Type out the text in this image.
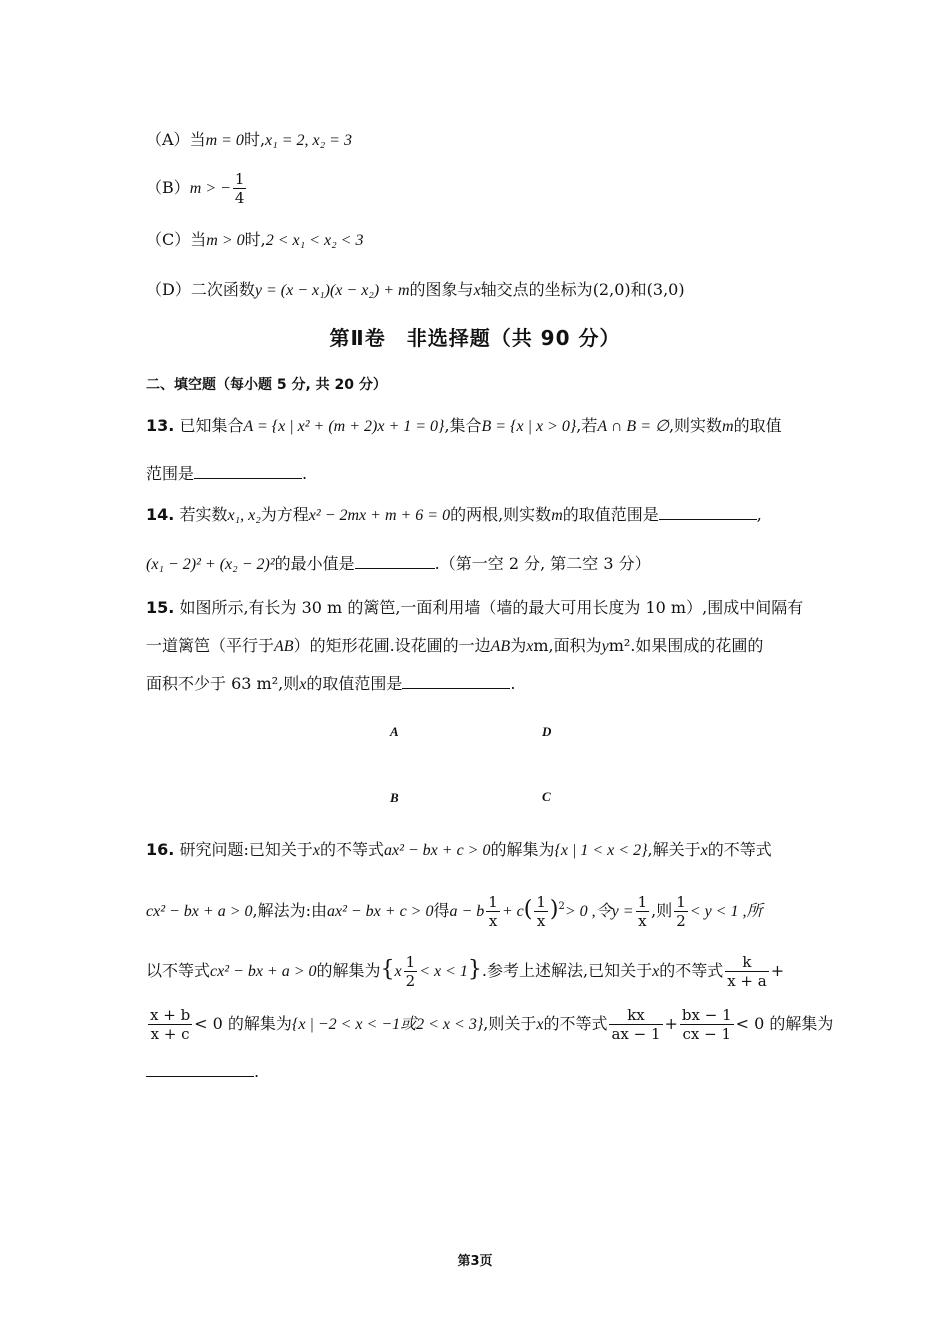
（A）当m = 0时,x₁ = 2, x₂ = 3
（B）m > − $\frac{1}{4}$
（C）当m > 0时,2 < x₁ < x₂ < 3
（D）二次函数y = (x − x₁)(x − x₂) + m的图象与x轴交点的坐标为(2,0)和(3,0)
第Ⅱ卷　非选择题（共 90 分）
二、填空题（每小题 5 分, 共 20 分）
13. 已知集合A = {x | x² + (m + 2)x + 1 = 0},集合B = {x | x > 0},若A ∩ B = ∅,则实数m的取值
范围是	.
14. 若实数x₁, x₂为方程x² − 2mx + m + 6 = 0的两根,则实数m的取值范围是	,
(x₁ − 2)² + (x₂ − 2)²的最小值是	.（第一空 2 分, 第二空 3 分）
15. 如图所示,有长为 30 m 的篱笆,一面利用墙（墙的最大可用长度为 10 m）,围成中间隔有
一道篱笆（平行于AB）的矩形花圃.设花圃的一边AB为xm,面积为ym².如果围成的花圃的
面积不少于 63 m²,则x的取值范围是	.
A	D
B	C
16. 研究问题:已知关于x的不等式ax² − bx + c > 0的解集为{x | 1 < x < 2},解关于x的不等式
cx² − bx + a > 0,解法为:由ax² − bx + c > 0得a − b $\frac{1}{x} + c( \frac{1}{x} )^2> 0$ ,令$y = \frac{1}{x}$ ,则 $\frac{1}{2} < y < 1$ ,所
以不等式cx² − bx + a > 0的解集为$\{x \frac{1}{2} < x < 1\}$.参考上述解法,已知关于x的不等式 $\frac{k}{x + a}$ +
$\frac{x + b}{x + c} < 0$ 的解集为{x | −2 < x < −1或2 < x < 3},则关于x的不等式 $\frac{kx}{ax - 1} + \frac{bx - 1}{cx - 1} < 0$ 的解集为
.
第3页
